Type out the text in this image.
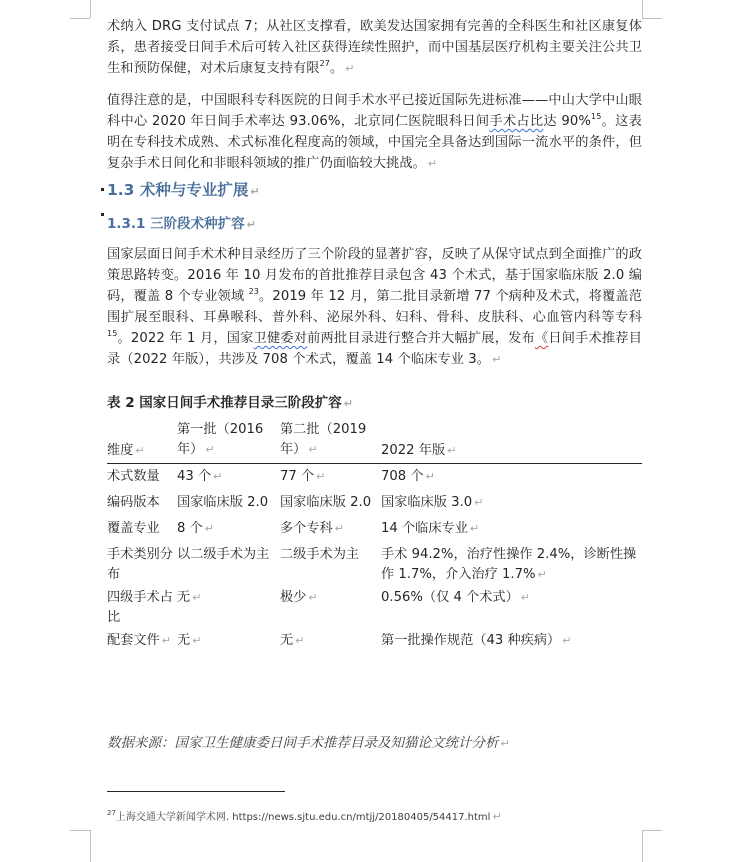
术纳入 DRG 支付试点 7；从社区支撑看，欧美发达国家拥有完善的全科医生和社区康复体系，患者接受日间手术后可转入社区获得连续性照护，而中国基层医疗机构主要关注公共卫生和预防保健，对术后康复支持有限$^{27}$。 ↵

值得注意的是，中国眼科专科医院的日间手术水平已接近国际先进标准——中山大学中山眼科中心 2020 年日间手术率达 93.06%，北京同仁医院眼科日间手术占比达 90%$^{15}$。这表明在专科技术成熟、术式标准化程度高的领域，中国完全具备达到国际一流水平的条件，但复杂手术日间化和非眼科领域的推广仍面临较大挑战。 ↵

1.3 术种与专业扩展 ↵
1.3.1 三阶段术种扩容 ↵

国家层面日间手术术种目录经历了三个阶段的显著扩容，反映了从保守试点到全面推广的政策思路转变。2016 年 10 月发布的首批推荐目录包含 43 个术式，基于国家临床版 2.0 编码，覆盖 8 个专业领域 $^{23}$。2019 年 12 月，第二批目录新增 77 个病种及术式，将覆盖范围扩展至眼科、耳鼻喉科、普外科、泌尿外科、妇科、骨科、皮肤科、心血管内科等专科 $^{15}$。2022 年 1 月，国家卫健委对前两批目录进行整合并大幅扩展，发布《日间手术推荐目录（2022 年版），共涉及 708 个术式，覆盖 14 个临床专业 3。 ↵

表 2 国家日间手术推荐目录三阶段扩容 ↵
维度 ↵	第一批（2016 年） ↵	第二批（2019 年） ↵	2022 年版 ↵
术式数量	43 个 ↵	77 个 ↵	708 个 ↵
编码版本	国家临床版 2.0	国家临床版 2.0	国家临床版 3.0 ↵
覆盖专业	8 个 ↵	多个专科 ↵	14 个临床专业 ↵
手术类别分布	以二级手术为主	二级手术为主	手术 94.2%，治疗性操作 2.4%，诊断性操作 1.7%，介入治疗 1.7% ↵
四级手术占比	无 ↵	极少 ↵	0.56%（仅 4 个术式） ↵
配套文件 ↵	无 ↵	无 ↵	第一批操作规范（43 种疾病） ↵
数据来源：国家卫生健康委日间手术推荐目录及知猫论文统计分析 ↵
$^{27}$上海交通大学新闻学术网. https://news.sjtu.edu.cn/mtjj/20180405/54417.html ↵
